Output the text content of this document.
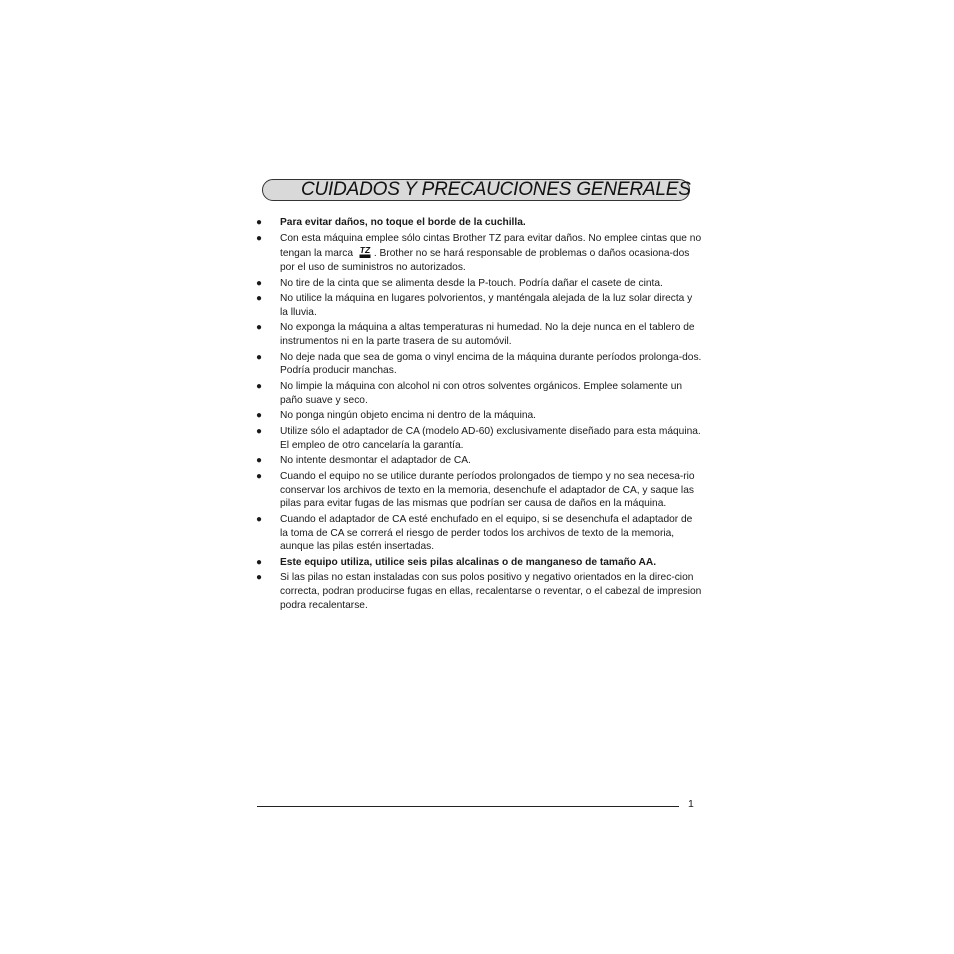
CUIDADOS Y PRECAUCIONES GENERALES
● Para evitar daños, no toque el borde de la cuchilla.
● Con esta máquina emplee sólo cintas Brother TZ para evitar daños. No emplee cintas que no tengan la marca TZ . Brother no se hará responsable de problemas o daños ocasiona-dos por el uso de suministros no autorizados.
● No tire de la cinta que se alimenta desde la P-touch. Podría dañar el casete de cinta.
● No utilice la máquina en lugares polvorientos, y manténgala alejada de la luz solar directa y la lluvia.
● No exponga la máquina a altas temperaturas ni humedad. No la deje nunca en el tablero de instrumentos ni en la parte trasera de su automóvil.
● No deje nada que sea de goma o vinyl encima de la máquina durante períodos prolonga-dos. Podría producir manchas.
● No limpie la máquina con alcohol ni con otros solventes orgánicos. Emplee solamente un paño suave y seco.
● No ponga ningún objeto encima ni dentro de la máquina.
● Utilize sólo el adaptador de CA (modelo AD-60) exclusivamente diseñado para esta máquina. El empleo de otro cancelaría la garantía.
● No intente desmontar el adaptador de CA.
● Cuando el equipo no se utilice durante períodos prolongados de tiempo y no sea necesa-rio conservar los archivos de texto en la memoria, desenchufe el adaptador de CA, y saque las pilas para evitar fugas de las mismas que podrían ser causa de daños en la máquina.
● Cuando el adaptador de CA esté enchufado en el equipo, si se desenchufa el adaptador de la toma de CA se correrá el riesgo de perder todos los archivos de texto de la memoria, aunque las pilas estén insertadas.
● Este equipo utiliza, utilice seis pilas alcalinas o de manganeso de tamaño AA.
● Si las pilas no estan instaladas con sus polos positivo y negativo orientados en la direc-cion correcta, podran producirse fugas en ellas, recalentarse o reventar, o el cabezal de impresion podra recalentarse.
1
